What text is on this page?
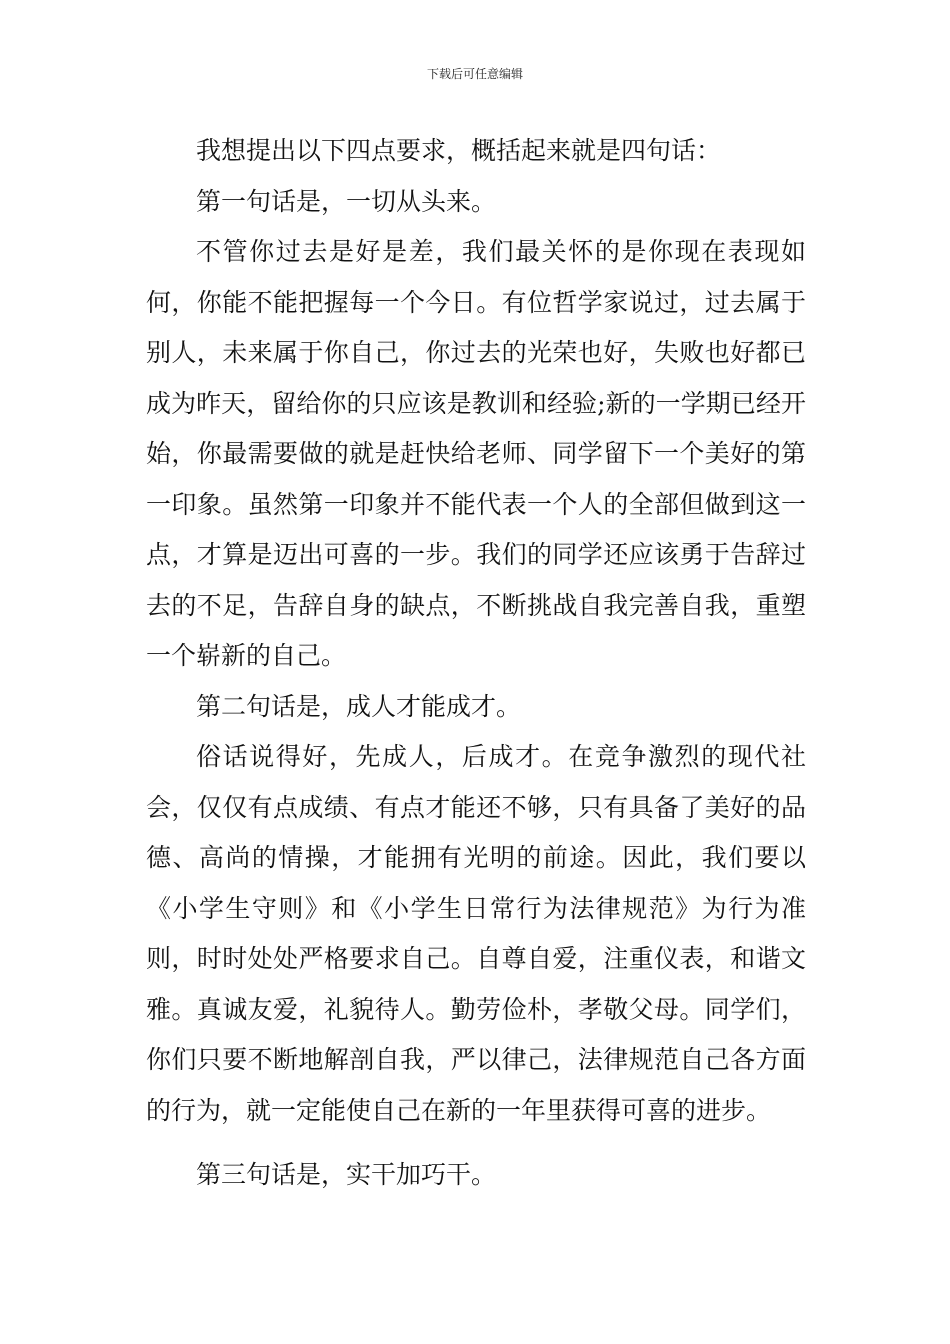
下载后可任意编辑

我想提出以下四点要求，概括起来就是四句话：

第一句话是，一切从头来。

不管你过去是好是差，我们最关怀的是你现在表现如何，你能不能把握每一个今日。有位哲学家说过，过去属于别人，未来属于你自己，你过去的光荣也好，失败也好都已成为昨天，留给你的只应该是教训和经验;新的一学期已经开始，你最需要做的就是赶快给老师、同学留下一个美好的第一印象。虽然第一印象并不能代表一个人的全部但做到这一点，才算是迈出可喜的一步。我们的同学还应该勇于告辞过去的不足，告辞自身的缺点，不断挑战自我完善自我，重塑一个崭新的自己。

第二句话是，成人才能成才。

俗话说得好，先成人，后成才。在竞争激烈的现代社会，仅仅有点成绩、有点才能还不够，只有具备了美好的品德、高尚的情操，才能拥有光明的前途。因此，我们要以《小学生守则》和《小学生日常行为法律规范》为行为准则，时时处处严格要求自己。自尊自爱，注重仪表，和谐文雅。真诚友爱，礼貌待人。勤劳俭朴，孝敬父母。同学们，你们只要不断地解剖自我，严以律己，法律规范自己各方面的行为，就一定能使自己在新的一年里获得可喜的进步。

第三句话是，实干加巧干。
